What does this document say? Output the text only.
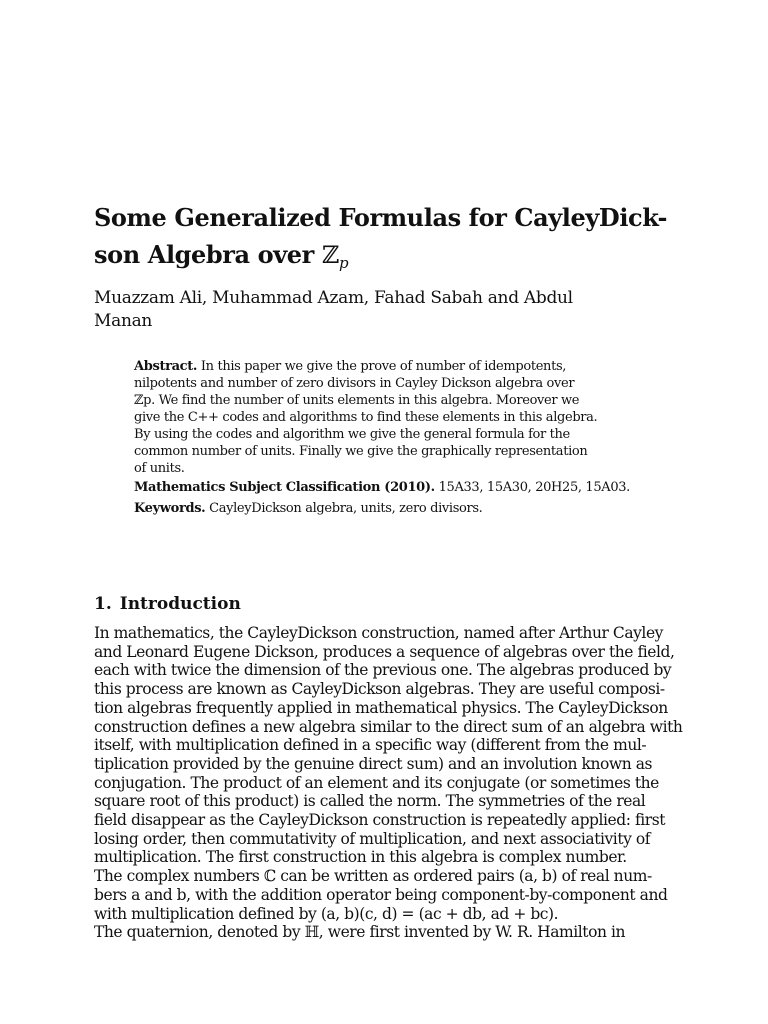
Some Generalized Formulas for CayleyDick-
son Algebra over ℤ$_p$
Muazzam Ali, Muhammad Azam, Fahad Sabah and Abdul
Manan
Abstract. In this paper we give the prove of number of idempotents,
nilpotents and number of zero divisors in Cayley Dickson algebra over
ℤp. We find the number of units elements in this algebra. Moreover we
give the C++ codes and algorithms to find these elements in this algebra.
By using the codes and algorithm we give the general formula for the
common number of units. Finally we give the graphically representation
of units.
Mathematics Subject Classification (2010). 15A33, 15A30, 20H25, 15A03.
Keywords. CayleyDickson algebra, units, zero divisors.
1. Introduction
In mathematics, the CayleyDickson construction, named after Arthur Cayley
and Leonard Eugene Dickson, produces a sequence of algebras over the field,
each with twice the dimension of the previous one. The algebras produced by
this process are known as CayleyDickson algebras. They are useful composi-
tion algebras frequently applied in mathematical physics. The CayleyDickson
construction defines a new algebra similar to the direct sum of an algebra with
itself, with multiplication defined in a specific way (different from the mul-
tiplication provided by the genuine direct sum) and an involution known as
conjugation. The product of an element and its conjugate (or sometimes the
square root of this product) is called the norm. The symmetries of the real
field disappear as the CayleyDickson construction is repeatedly applied: first
losing order, then commutativity of multiplication, and next associativity of
multiplication. The first construction in this algebra is complex number.
The complex numbers ℂ can be written as ordered pairs (a, b) of real num-
bers a and b, with the addition operator being component-by-component and
with multiplication defined by (a, b)(c, d) = (ac + db, ad + bc).
The quaternion, denoted by ℍ, were first invented by W. R. Hamilton in
